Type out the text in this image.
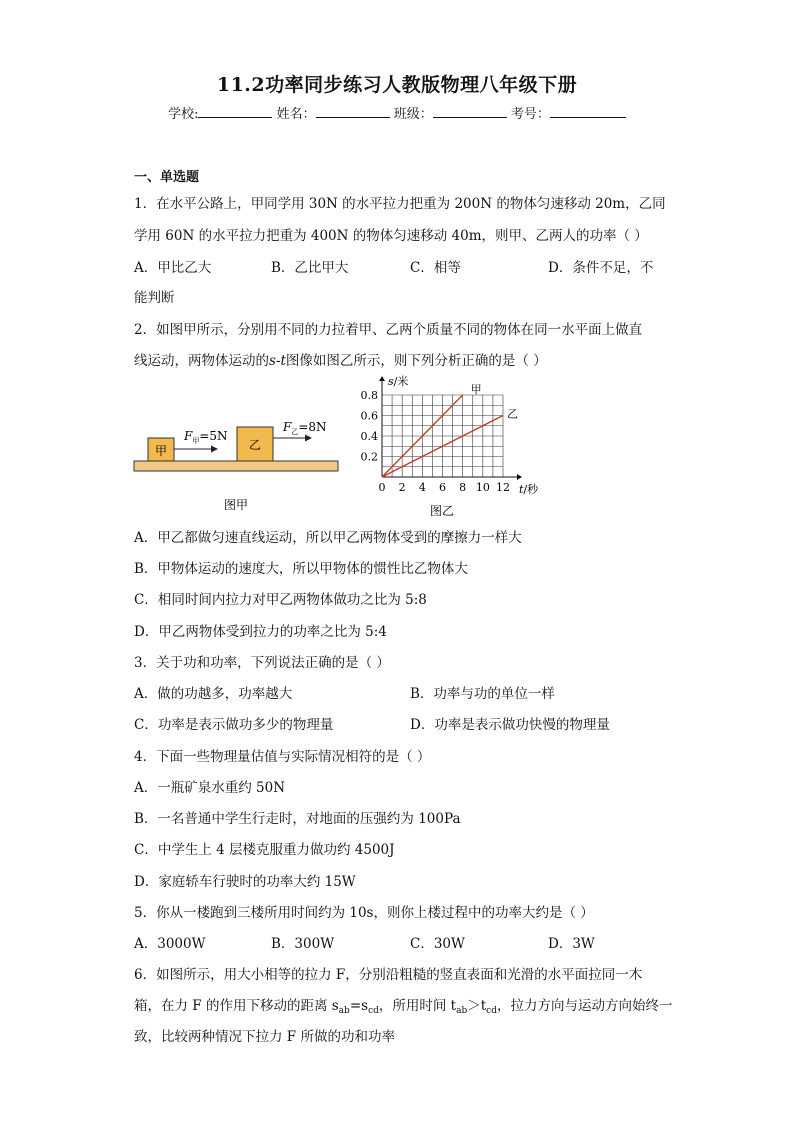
11.2功率同步练习人教版物理八年级下册
学校:	姓名：	班级：	考号：
一、单选题
1．在水平公路上，甲同学用 30N 的水平拉力把重为 200N 的物体匀速移动 20m，乙同
学用 60N 的水平拉力把重为 400N 的物体匀速移动 40m，则甲、乙两人的功率（ ）
A．甲比乙大	B．乙比甲大	C．相等	D．条件不足，不
能判断
2．如图甲所示，分别用不同的力拉着甲、乙两个质量不同的物体在同一水平面上做直
线运动，两物体运动的s-t图像如图乙所示，则下列分析正确的是（ ）
甲
$F_甲=5N$
乙
$F_乙=8N$
图甲
0 2 4 6 8 10 12
0.2
0.4
0.6
0.8
s/米
t/秒
甲
乙
图乙
A．甲乙都做匀速直线运动，所以甲乙两物体受到的摩擦力一样大
B．甲物体运动的速度大，所以甲物体的惯性比乙物体大
C．相同时间内拉力对甲乙两物体做功之比为 5:8
D．甲乙两物体受到拉力的功率之比为 5:4
3．关于功和功率，下列说法正确的是（ ）
A．做的功越多，功率越大	B．功率与功的单位一样
C．功率是表示做功多少的物理量	D．功率是表示做功快慢的物理量
4．下面一些物理量估值与实际情况相符的是（ ）
A．一瓶矿泉水重约 50N
B．一名普通中学生行走时，对地面的压强约为 100Pa
C．中学生上 4 层楼克服重力做功约 4500J
D．家庭轿车行驶时的功率大约 15W
5．你从一楼跑到三楼所用时间约为 10s，则你上楼过程中的功率大约是（ ）
A．3000W	B．300W	C．30W	D．3W
6．如图所示，用大小相等的拉力 F，分别沿粗糙的竖直表面和光滑的水平面拉同一木
箱，在力 F 的作用下移动的距离 $s_{ab}=s_{cd}$，所用时间 $t_{ab}>t_{cd}$，拉力方向与运动方向始终一
致，比较两种情况下拉力 F 所做的功和功率
